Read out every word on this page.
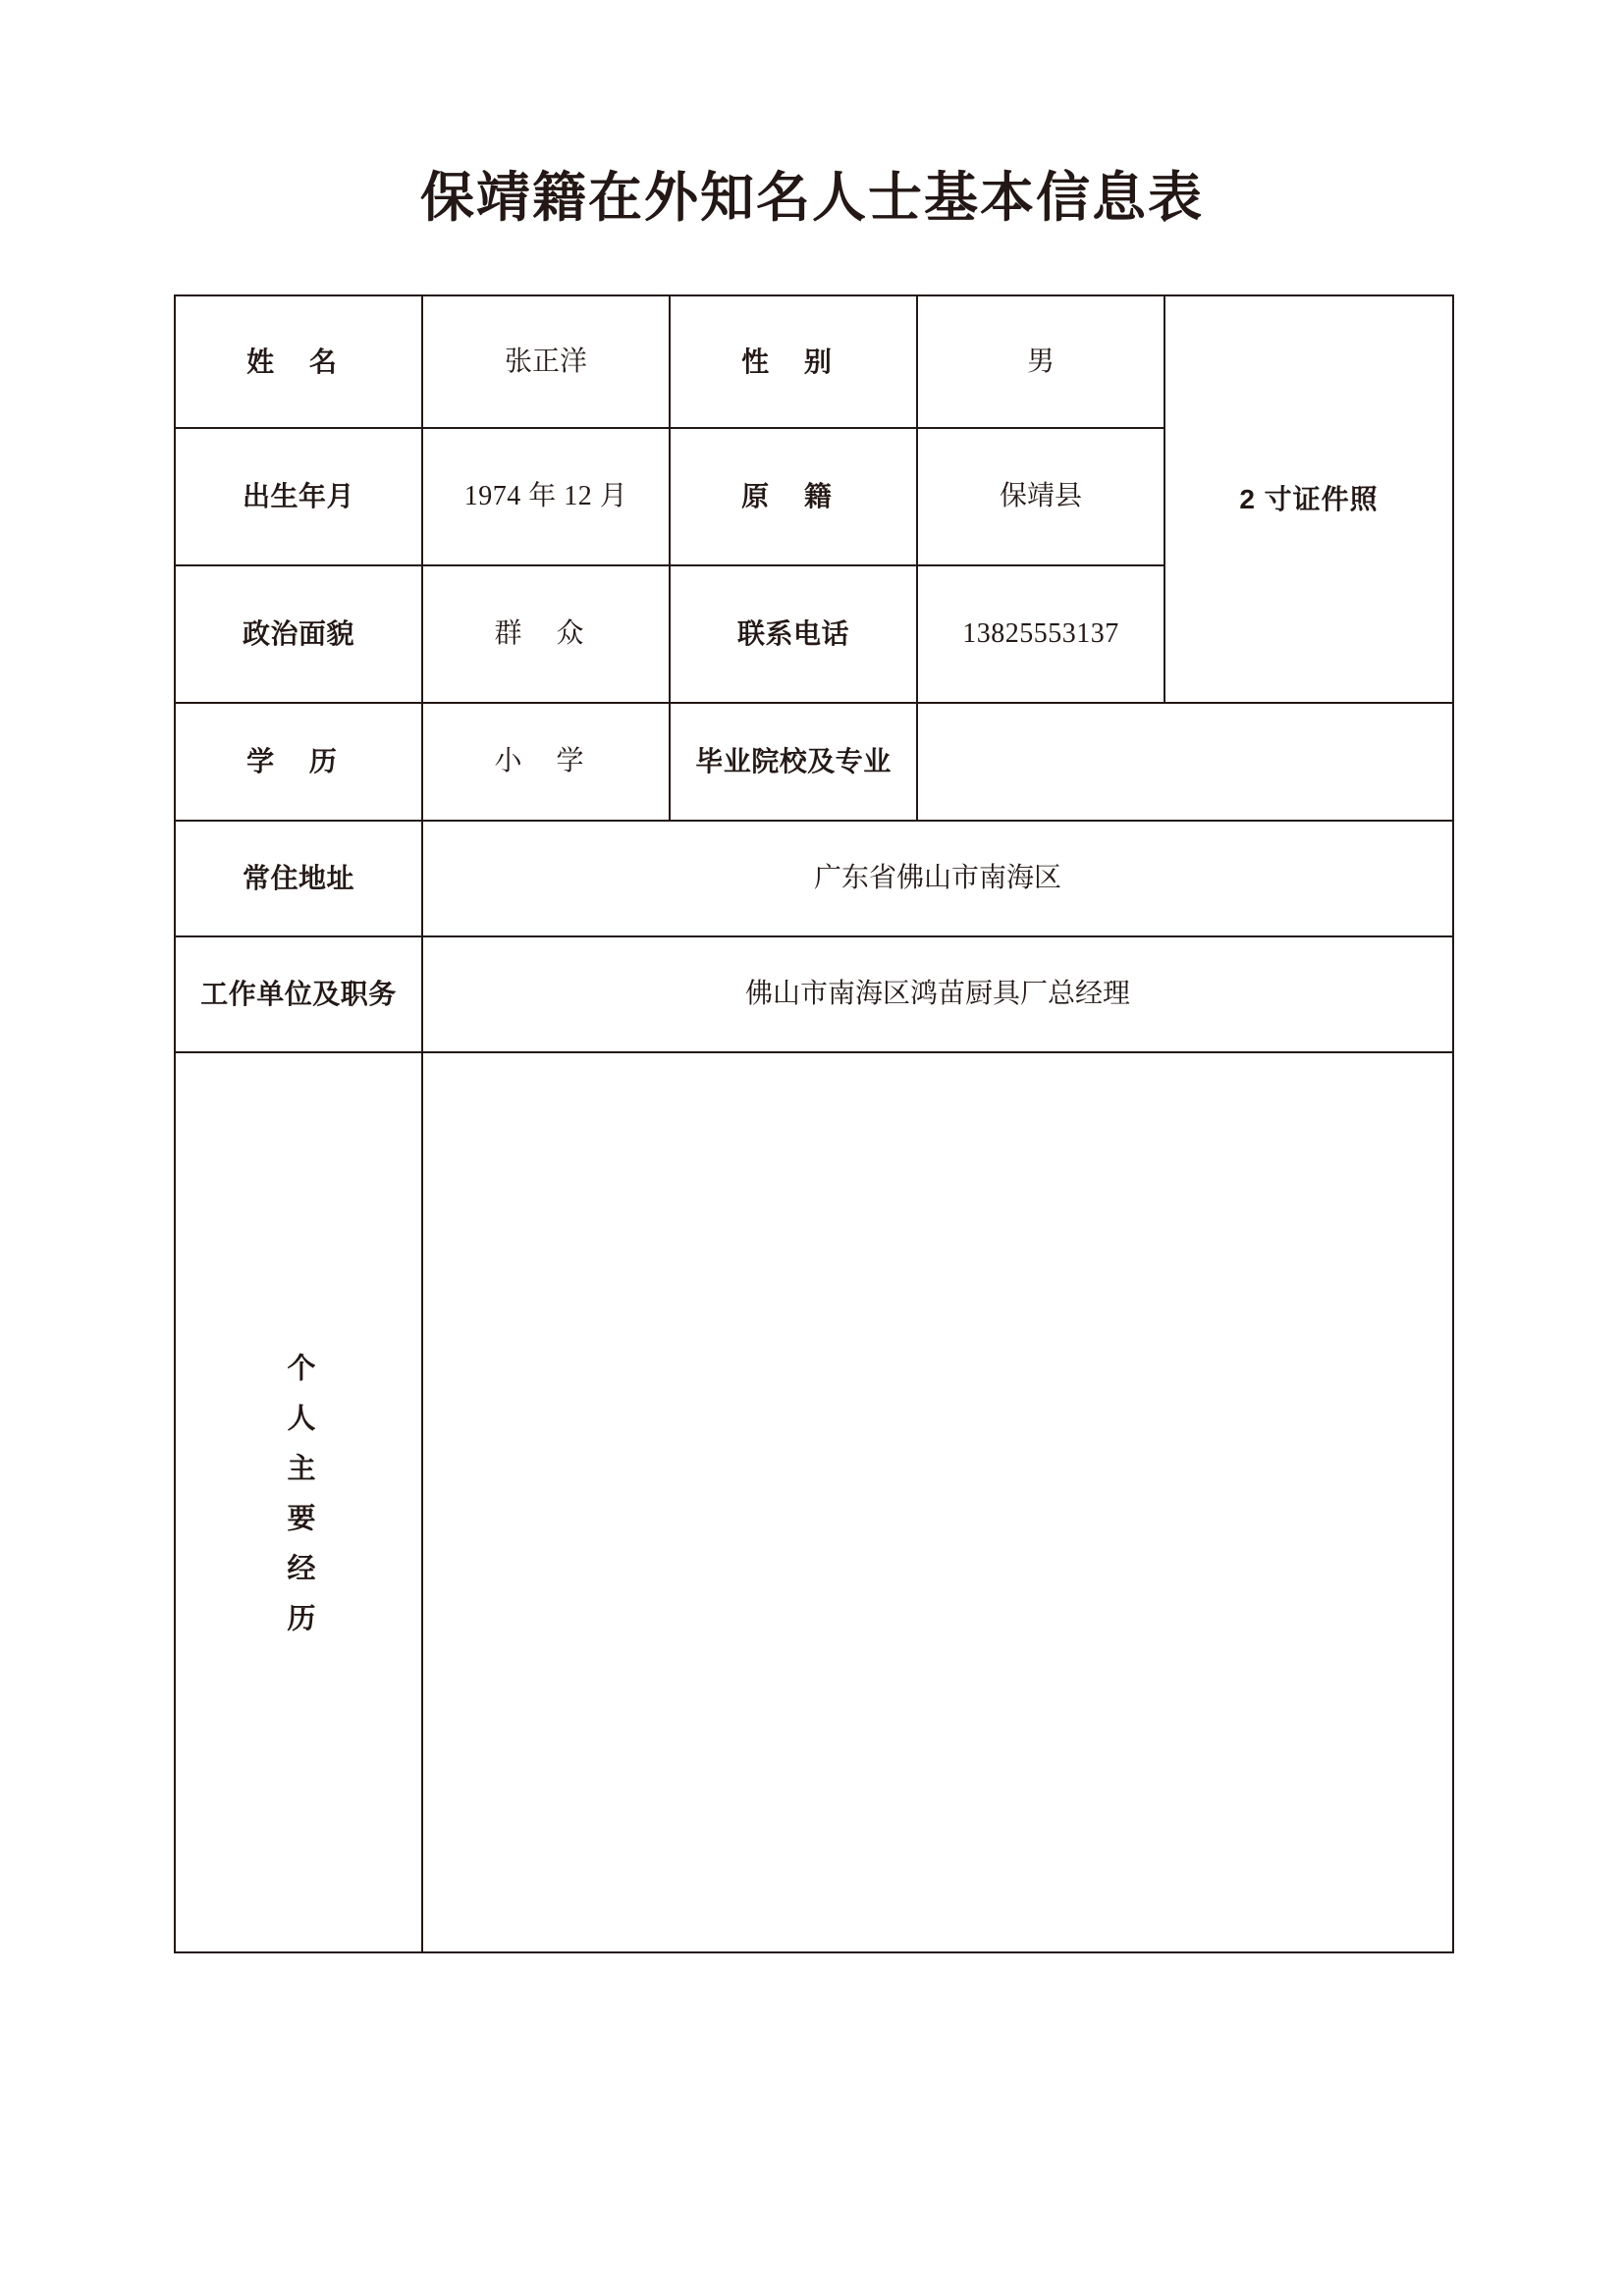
保靖籍在外知名人士基本信息表
姓 名	张正洋	性 别	男	2 寸证件照
出生年月	1974 年 12 月	原 籍	保靖县	
政治面貌	群 众	联系电话	13825553137	
学 历	小 学	毕业院校及专业		
常住地址	广东省佛山市南海区			
工作单位及职务	佛山市南海区鸿苗厨具厂总经理			

个人主要经历				
